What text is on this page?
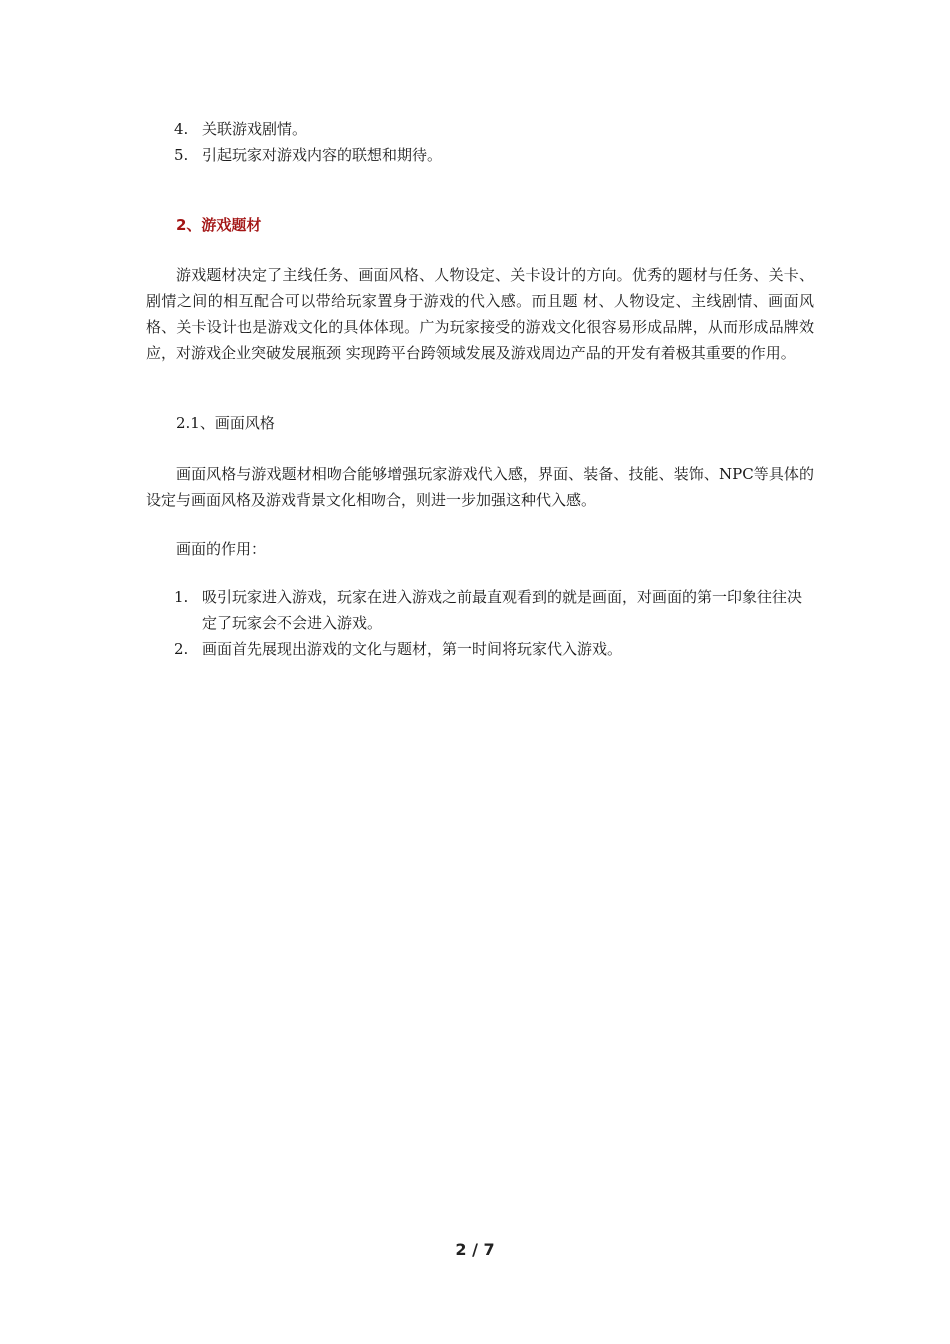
4. 关联游戏剧情。
5. 引起玩家对游戏内容的联想和期待。
2、游戏题材

游戏题材决定了主线任务、画面风格、人物设定、关卡设计的方向。优秀的题材与任务、关卡、剧情之间的相互配合可以带给玩家置身于游戏的代入感。而且题 材、人物设定、主线剧情、画面风格、关卡设计也是游戏文化的具体体现。广为玩家接受的游戏文化很容易形成品牌，从而形成品牌效应，对游戏企业突破发展瓶颈 实现跨平台跨领域发展及游戏周边产品的开发有着极其重要的作用。

2.1、画面风格

画面风格与游戏题材相吻合能够增强玩家游戏代入感，界面、装备、技能、装饰、NPC等具体的设定与画面风格及游戏背景文化相吻合，则进一步加强这种代入感。

画面的作用：
1. 吸引玩家进入游戏，玩家在进入游戏之前最直观看到的就是画面，对画面的第一印象往往决定了玩家会不会进入游戏。
2. 画面首先展现出游戏的文化与题材，第一时间将玩家代入游戏。
2 / 7
